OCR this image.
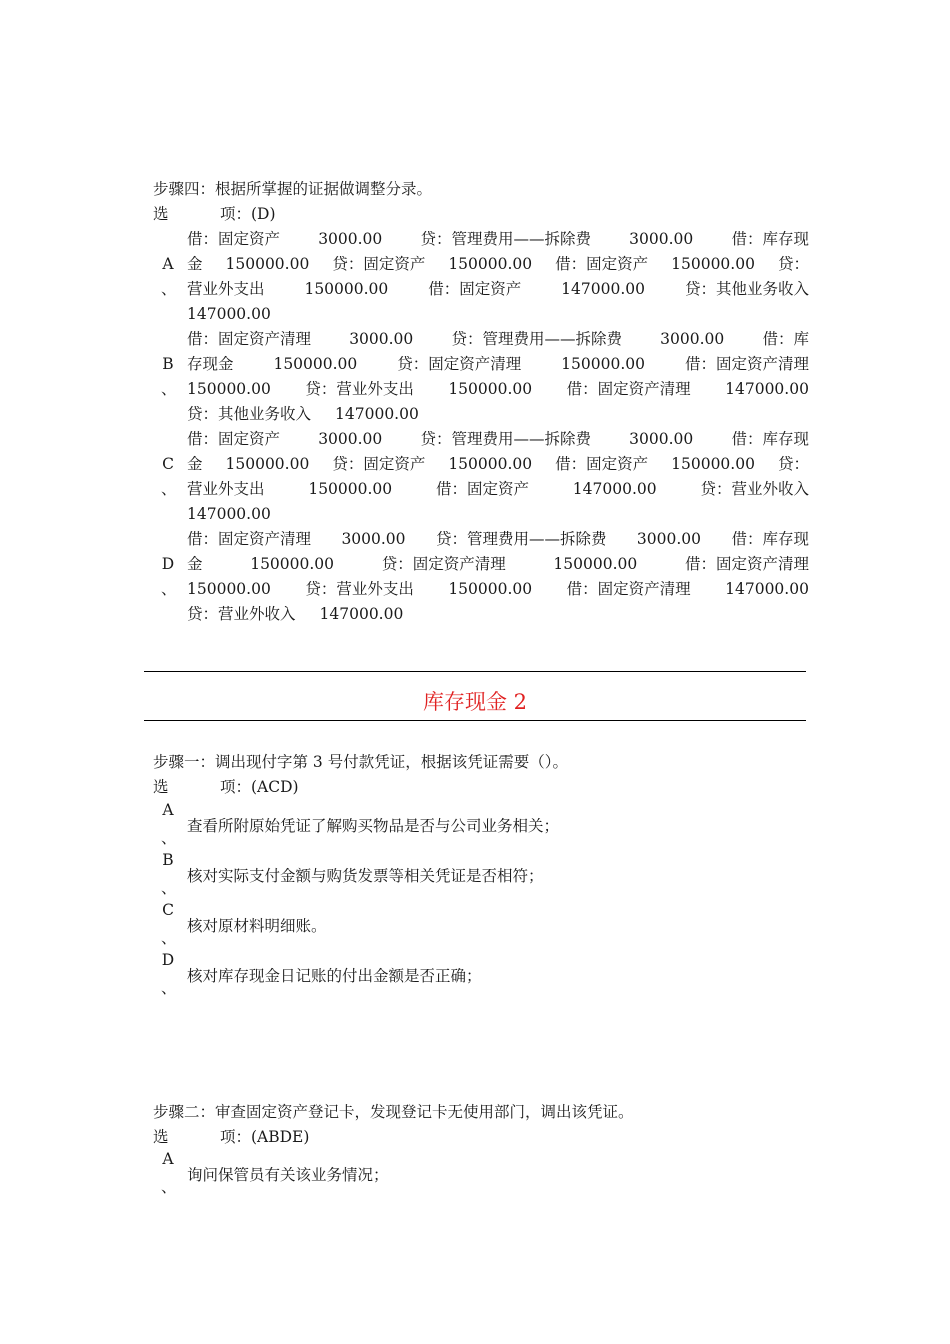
步骤四：根据所掌握的证据做调整分录。
选	项：(D)
库存现金 2
步骤一：调出现付字第 3 号付款凭证，根据该凭证需要（）。
选	项：(ACD)
A
查看所附原始凭证了解购买物品是否与公司业务相关；
、
B
核对实际支付金额与购货发票等相关凭证是否相符；
、
C
核对原材料明细账。
、
D
核对库存现金日记账的付出金额是否正确；
、
步骤二：审查固定资产登记卡，发现登记卡无使用部门，调出该凭证。
选	项：(ABDE)
A
询问保管员有关该业务情况；
、
借：固定资产 3000.00 贷：管理费用——拆除费 3000.00 借：库存现
金 150000.00 贷：固定资产 150000.00 借：固定资产 150000.00 贷：
营业外支出	150000.00	借：固定资产	147000.00	贷：其他业务收入
147000.00
A
、
借：固定资产清理 3000.00 贷：管理费用——拆除费 3000.00 借：库
存现金	150000.00	贷：固定资产清理	150000.00	借：固定资产清理
150000.00 贷：营业外支出 150000.00 借：固定资产清理 147000.00
贷：其他业务收入 147000.00
B
、
借：固定资产 3000.00 贷：管理费用——拆除费 3000.00 借：库存现
金 150000.00 贷：固定资产 150000.00 借：固定资产 150000.00 贷：
营业外支出	150000.00	借：固定资产	147000.00	贷：营业外收入
147000.00
C
、
借：固定资产清理 3000.00 贷：管理费用——拆除费 3000.00 借：库存现
金	150000.00	贷：固定资产清理	150000.00	借：固定资产清理
150000.00 贷：营业外支出 150000.00 借：固定资产清理 147000.00
贷：营业外收入 147000.00
D
、
